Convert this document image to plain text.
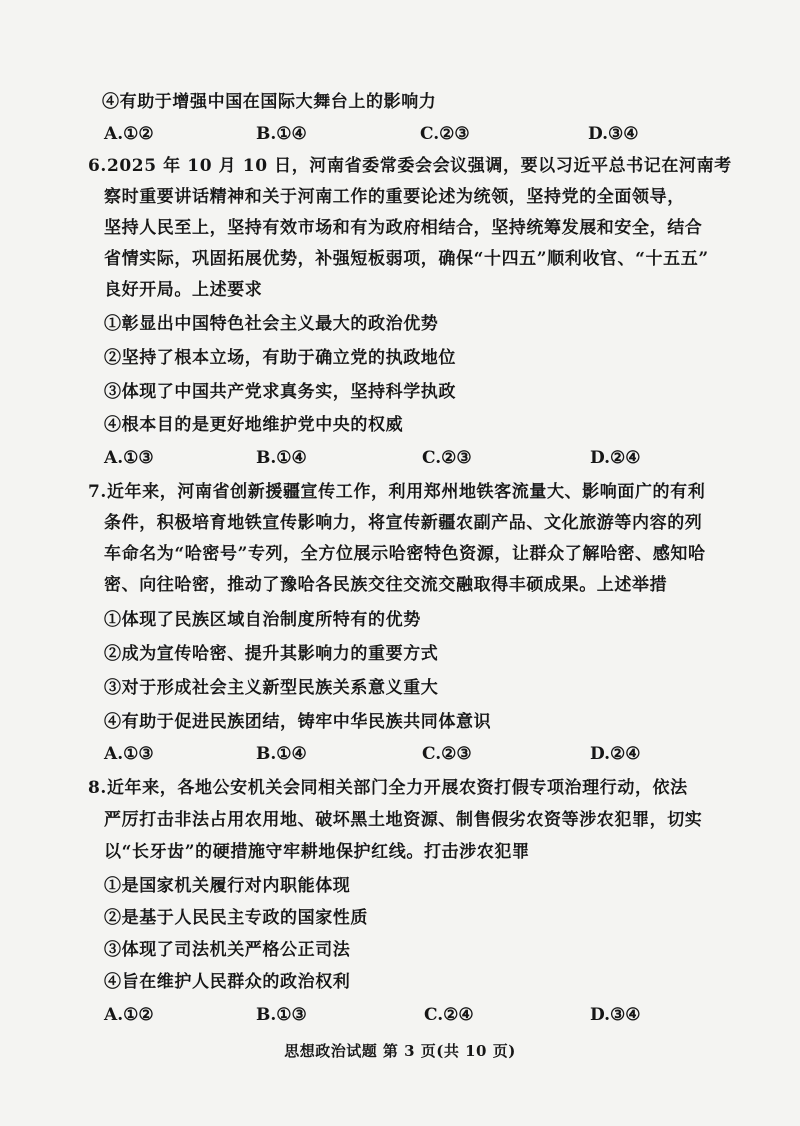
④有助于增强中国在国际大舞台上的影响力
A.①②	B.①④	C.②③	D.③④
6.2025 年 10 月 10 日，河南省委常委会会议强调，要以习近平总书记在河南考
察时重要讲话精神和关于河南工作的重要论述为统领，坚持党的全面领导，
坚持人民至上，坚持有效市场和有为政府相结合，坚持统筹发展和安全，结合
省情实际，巩固拓展优势，补强短板弱项，确保“十四五”顺利收官、“十五五”
良好开局。上述要求
①彰显出中国特色社会主义最大的政治优势
②坚持了根本立场，有助于确立党的执政地位
③体现了中国共产党求真务实，坚持科学执政
④根本目的是更好地维护党中央的权威
A.①③	B.①④	C.②③	D.②④
7.近年来，河南省创新援疆宣传工作，利用郑州地铁客流量大、影响面广的有利
条件，积极培育地铁宣传影响力，将宣传新疆农副产品、文化旅游等内容的列
车命名为“哈密号”专列，全方位展示哈密特色资源，让群众了解哈密、感知哈
密、向往哈密，推动了豫哈各民族交往交流交融取得丰硕成果。上述举措
①体现了民族区域自治制度所特有的优势
②成为宣传哈密、提升其影响力的重要方式
③对于形成社会主义新型民族关系意义重大
④有助于促进民族团结，铸牢中华民族共同体意识
A.①③	B.①④	C.②③	D.②④
8.近年来，各地公安机关会同相关部门全力开展农资打假专项治理行动，依法
严厉打击非法占用农用地、破坏黑土地资源、制售假劣农资等涉农犯罪，切实
以“长牙齿”的硬措施守牢耕地保护红线。打击涉农犯罪
①是国家机关履行对内职能体现
②是基于人民民主专政的国家性质
③体现了司法机关严格公正司法
④旨在维护人民群众的政治权利
A.①②	B.①③	C.②④	D.③④
思想政治试题 第 3 页(共 10 页)
